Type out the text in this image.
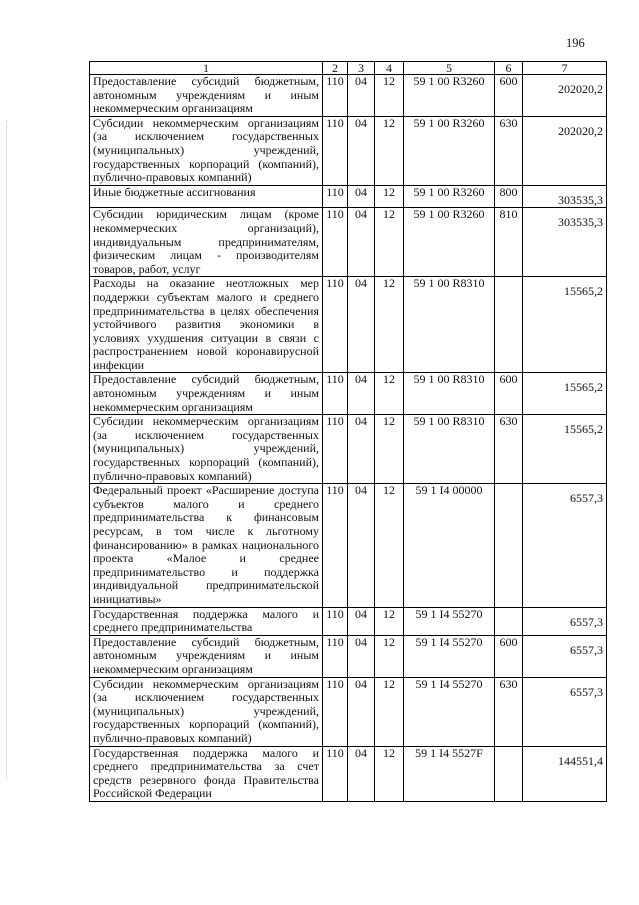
196
1	2	3	4	5	6	7
Предоставление субсидий бюджетным, автономным учреждениям и иным некоммерческим организациям	110	04	12	59 1 00 R3260	600	202020,2
Субсидии некоммерческим организациям (за исключением государственных (муниципальных) учреждений, государственных корпораций (компаний), публично-правовых компаний)	110	04	12	59 1 00 R3260	630	202020,2
Иные бюджетные ассигнования	110	04	12	59 1 00 R3260	800	303535,3
Субсидии юридическим лицам (кроме некоммерческих организаций), индивидуальным предпринимателям, физическим лицам - производителям товаров, работ, услуг	110	04	12	59 1 00 R3260	810	303535,3
Расходы на оказание неотложных мер поддержки субъектам малого и среднего предпринимательства в целях обеспечения устойчивого развития экономики в условиях ухудшения ситуации в связи с распространением новой коронавирусной инфекции	110	04	12	59 1 00 R8310		15565,2
Предоставление субсидий бюджетным, автономным учреждениям и иным некоммерческим организациям	110	04	12	59 1 00 R8310	600	15565,2
Субсидии некоммерческим организациям (за исключением государственных (муниципальных) учреждений, государственных корпораций (компаний), публично-правовых компаний)	110	04	12	59 1 00 R8310	630	15565,2
Федеральный проект «Расширение доступа субъектов малого и среднего предпринимательства к финансовым ресурсам, в том числе к льготному финансированию» в рамках национального проекта «Малое и среднее предпринимательство и поддержка индивидуальной предпринимательской инициативы»	110	04	12	59 1 I4 00000		6557,3
Государственная поддержка малого и среднего предпринимательства	110	04	12	59 1 I4 55270		6557,3
Предоставление субсидий бюджетным, автономным учреждениям и иным некоммерческим организациям	110	04	12	59 1 I4 55270	600	6557,3
Субсидии некоммерческим организациям (за исключением государственных (муниципальных) учреждений, государственных корпораций (компаний), публично-правовых компаний)	110	04	12	59 1 I4 55270	630	6557,3
Государственная поддержка малого и среднего предпринимательства за счет средств резервного фонда Правительства Российской Федерации	110	04	12	59 1 I4 5527F		144551,4
